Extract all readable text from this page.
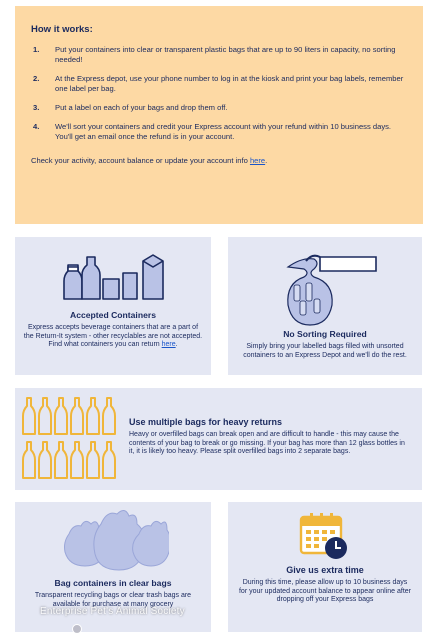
How it works:
1.	Put your containers into clear or transparent plastic bags that are up to 90 liters in capacity, no sorting needed!
2.	At the Express depot, use your phone number to log in at the kiosk and print your bag labels, remember one label per bag.
3.	Put a label on each of your bags and drop them off.
4.	We'll sort your containers and credit your Express account with your refund within 10 business days.
You'll get an email once the refund is in your account.
Check your activity, account balance or update your account info here.
Accepted Containers

Express accepts beverage containers that are a part of the Return-It system - other recyclables are not accepted.

Find what containers you can return here.

No Sorting Required

Simply bring your labelled bags filled with unsorted containers to an Express Depot and we'll do the rest.

Use multiple bags for heavy returns

Heavy or overfilled bags can break open and are difficult to handle - this may cause the contents of your bag to break or go missing. If your bag has more than 12 glass bottles in it, it is likely too heavy. Please split overfilled bags into 2 separate bags.

Bag containers in clear bags

Transparent recycling bags or clear trash bags are available for purchase at many grocery

Give us extra time

During this time, please allow up to 10 business days for your updated account balance to appear online after dropping off your Express bags

Enterprise Pet's Animal Society
